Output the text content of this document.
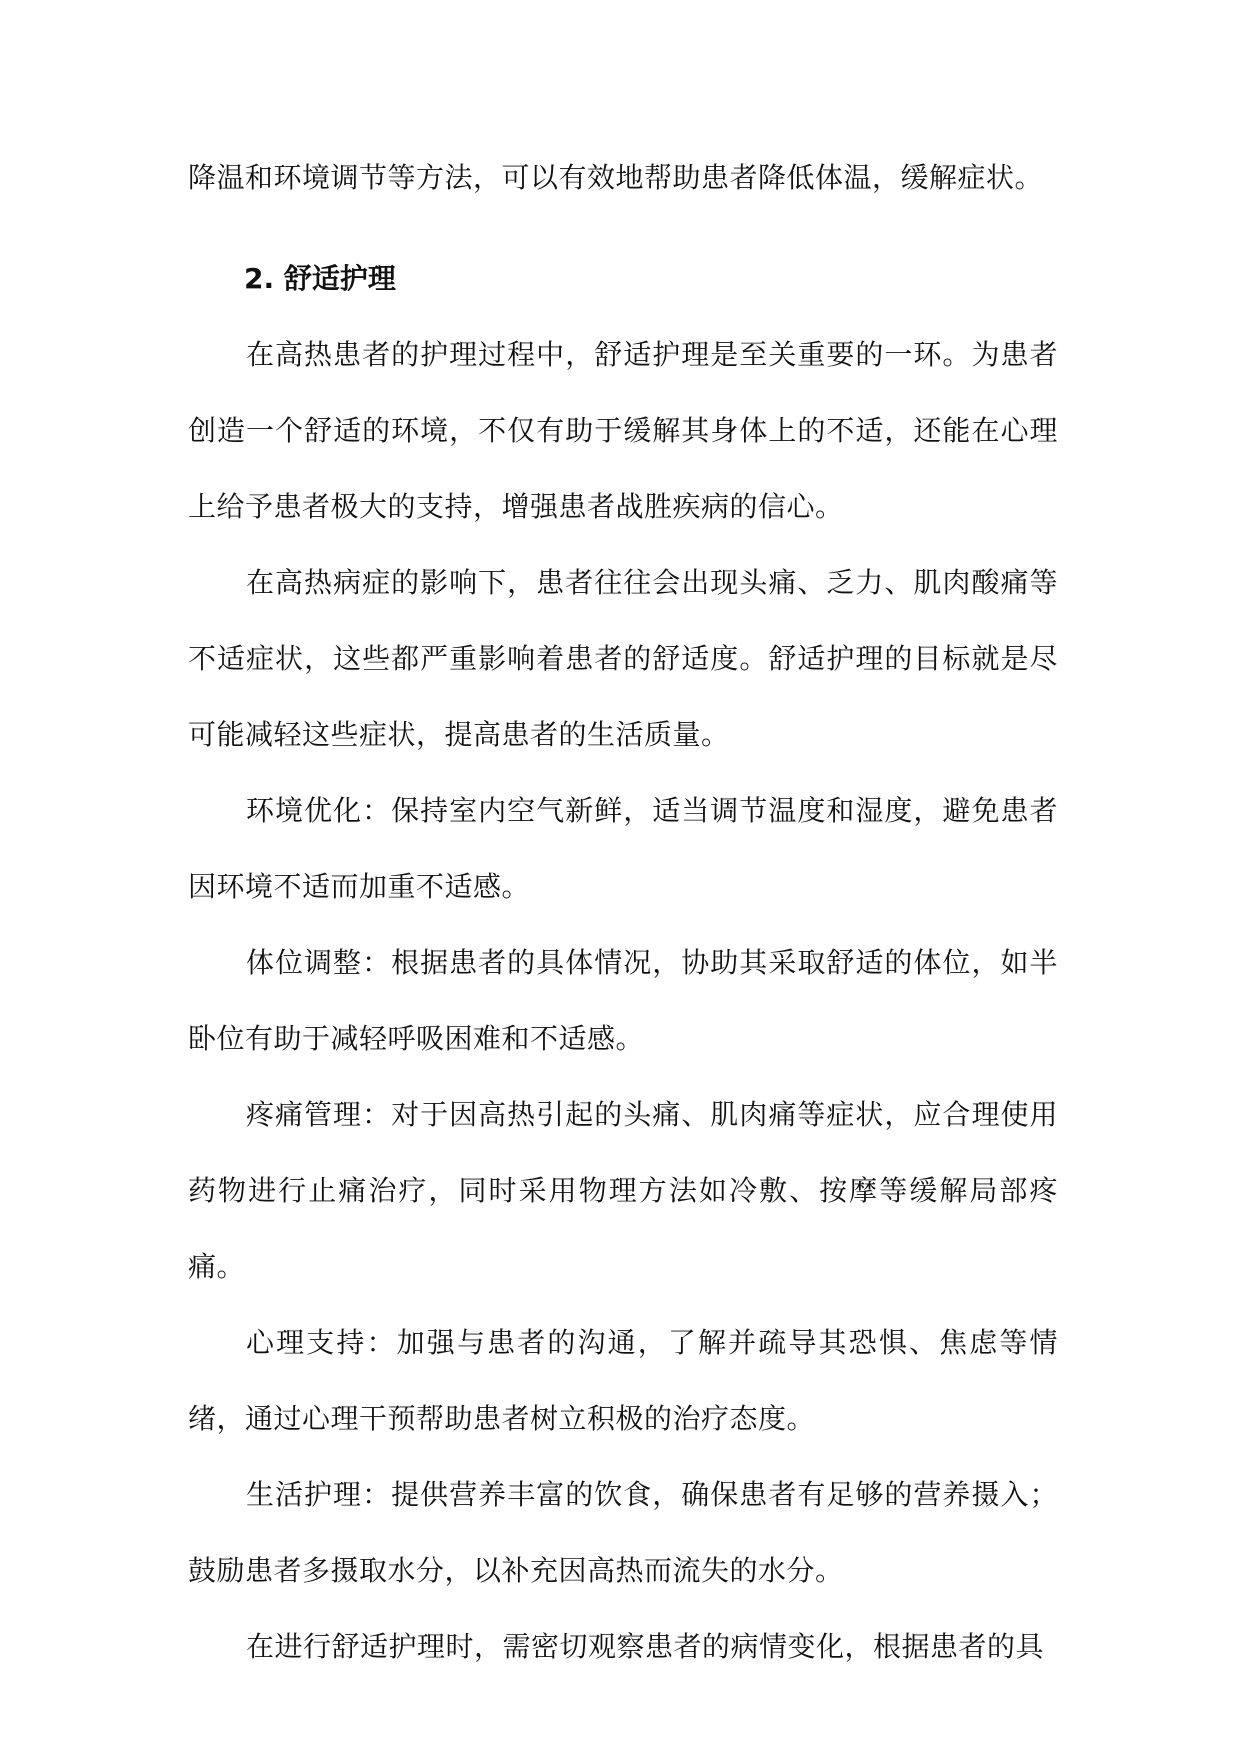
降温和环境调节等方法，可以有效地帮助患者降低体温，缓解症状。

2. 舒适护理

在高热患者的护理过程中，舒适护理是至关重要的一环。为患者创造一个舒适的环境，不仅有助于缓解其身体上的不适，还能在心理上给予患者极大的支持，增强患者战胜疾病的信心。

在高热病症的影响下，患者往往会出现头痛、乏力、肌肉酸痛等不适症状，这些都严重影响着患者的舒适度。舒适护理的目标就是尽可能减轻这些症状，提高患者的生活质量。

环境优化：保持室内空气新鲜，适当调节温度和湿度，避免患者因环境不适而加重不适感。

体位调整：根据患者的具体情况，协助其采取舒适的体位，如半卧位有助于减轻呼吸困难和不适感。

疼痛管理：对于因高热引起的头痛、肌肉痛等症状，应合理使用药物进行止痛治疗，同时采用物理方法如冷敷、按摩等缓解局部疼痛。

心理支持：加强与患者的沟通，了解并疏导其恐惧、焦虑等情绪，通过心理干预帮助患者树立积极的治疗态度。

生活护理：提供营养丰富的饮食，确保患者有足够的营养摄入；鼓励患者多摄取水分，以补充因高热而流失的水分。

在进行舒适护理时，需密切观察患者的病情变化，根据患者的具
